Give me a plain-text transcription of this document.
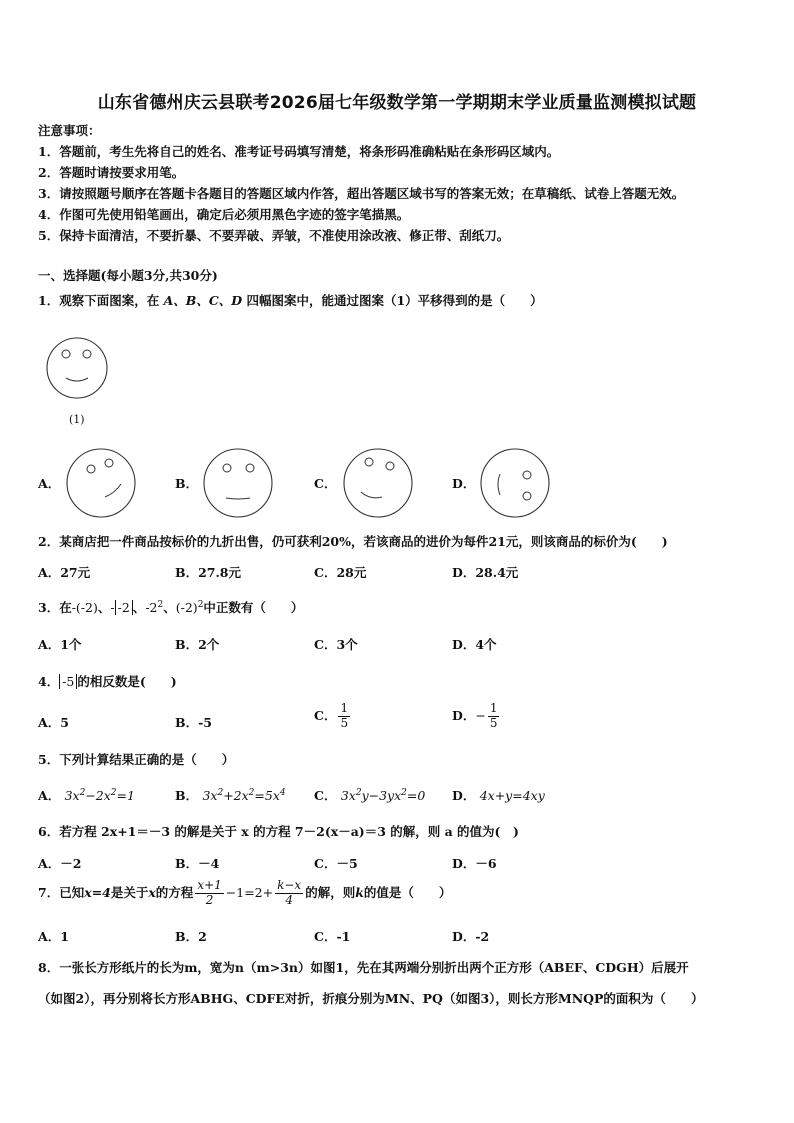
山东省德州庆云县联考2026届七年级数学第一学期期末学业质量监测模拟试题
注意事项：
1．答题前，考生先将自己的姓名、准考证号码填写清楚，将条形码准确粘贴在条形码区域内。
2．答题时请按要求用笔。
3．请按照题号顺序在答题卡各题目的答题区域内作答，超出答题区域书写的答案无效；在草稿纸、试卷上答题无效。
4．作图可先使用铅笔画出，确定后必须用黑色字迹的签字笔描黑。
5．保持卡面清洁，不要折暴、不要弄破、弄皱，不准使用涂改液、修正带、刮纸刀。
一、选择题(每小题3分,共30分)
1．观察下面图案，在 A、B、C、D 四幅图案中，能通过图案（1）平移得到的是（　　）
(1)
A．	B．	C．	D．
2．某商店把一件商品按标价的九折出售，仍可获利20%，若该商品的进价为每件21元，则该商品的标价为(　　)
A．27元	B．27.8元	C．28元	D．28.4元
3．在-(-2)、- -2 、$-2^2$、$(-2)^2$中正数有（　　）
A．1个	B．2个	C．3个	D．4个
4． -5 的相反数是(　　)
A．5	B．-5	C． $\frac{1}{5}$	D．− $\frac{1}{5}$
5．下列计算结果正确的是（　　）
A． $3x^2-2x^2=1$	B． $3x^2+2x^2=5x^4$ C． $3x^2y-3yx^2=0$ D． 4x+y=4xy
6．若方程 2x+1＝－3 的解是关于 x 的方程 7－2(x－a)＝3 的解，则 a 的值为(　)
A．－2	B．－4	C．－5	D．－6
7．已知x=4是关于x的方程 $\frac{x+1}{2} -1=2+ \frac{k-x}{4}$ 的解，则k的值是（　　）
A．1	B．2	C．-1	D．-2
8．一张长方形纸片的长为m，宽为n（m>3n）如图1，先在其两端分别折出两个正方形（ABEF、CDGH）后展开
（如图2），再分别将长方形ABHG、CDFE对折，折痕分别为MN、PQ（如图3），则长方形MNQP的面积为（　　）
